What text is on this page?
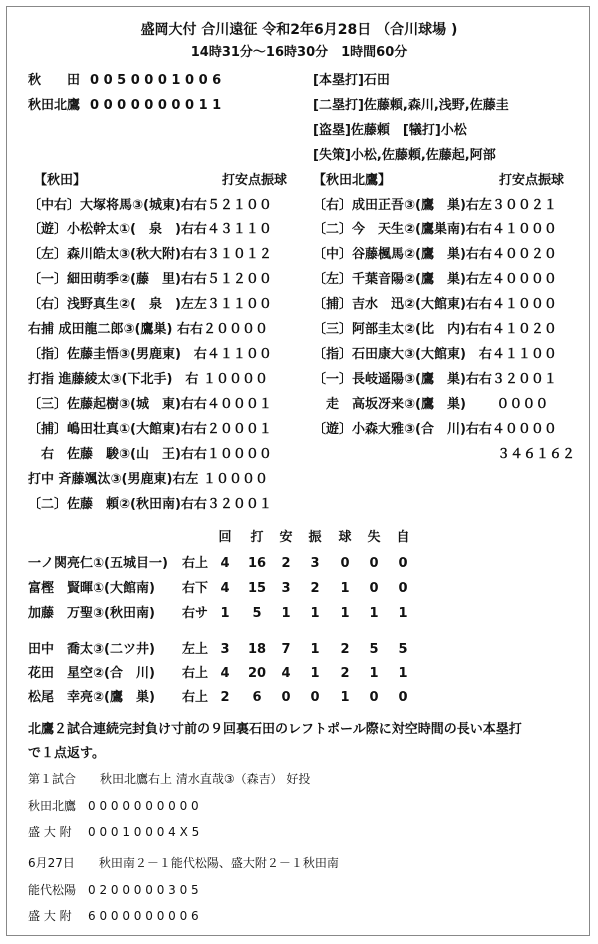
盛岡大付 合川遠征 令和2年6月28日 （合川球場 )
14時31分～16時30分　1時間60分
秋　　田 0 0 5 0 0 0 1 0 0 6
秋田北鷹 0 0 0 0 0 0 0 0 1 1
[本塁打]石田
[二塁打]佐藤頼,森川,浅野,佐藤圭
[盗塁]佐藤頼　[犠打]小松
[失策]小松,佐藤頼,佐藤起,阿部
【秋田】	打安点振球 【秋田北鷹】	打安点振球
〔中右〕大塚将馬③(城東)右右５２１００
〔遊〕小松幹太①(　泉　)右右４３１１０
〔左〕森川皓太③(秋大附)右右３１０１２
〔一〕細田萌季②(藤　里)右右５１２００
〔右〕浅野真生②(　泉　)左左３１１００
右捕 成田龍二郎③(鷹巣) 右右２００００
〔指〕佐藤圭悟③(男鹿東)　右４１１００
打指 進藤綾太③(下北手)　右 １００００
〔三〕佐藤起樹③(城　東)右右４０００１
〔捕〕嶋田壮真①(大館東)右右２０００１
　右　佐藤　駿③(山　王)右右１００００
打中 斉藤颯汰③(男鹿東)右左 １００００
〔二〕佐藤　頼②(秋田南)右右３２００１
〔右〕成田正吾③(鷹　巣)右左３００２１
〔二〕今　天生②(鷹巣南)右右４１０００
〔中〕谷藤楓馬②(鷹　巣)右右４００２０
〔左〕千葉音陽②(鷹　巣)右左４００００
〔捕〕吉水　迅②(大館東)右右４１０００
〔三〕阿部圭太②(比　内)右右４１０２０
〔指〕石田康大③(大館東)　右４１１００
〔一〕長岐遥陽③(鷹　巣)右右３２００１
　走　高坂冴来③(鷹　巣)　　 ００００
〔遊〕小森大雅③(合　川)右右４００００
３４６１６２
回	打	安	振	球	失	自
一ノ関亮仁①(五城目一) 右上 4	16	2	3	0	0	0
富樫　賢暉①(大館南) 右下 4	15	3	2	1	0	0
加藤　万聖③(秋田南) 右サ 1	5	1	1	1	1	1
田中　喬太③(二ツ井) 左上 3	18	7	1	2	5	5
花田　星空②(合　川) 右上 4	20	4	1	2	1	1
松尾　幸亮②(鷹　巣) 右上 2	6	0	0	1	0	0
北鷹２試合連続完封負け寸前の９回裏石田のレフトポール際に対空時間の長い本塁打
で１点返す。
第１試合　　秋田北鷹右上 清水直哉③（森吉） 好投
秋田北鷹 0 0 0 0 0 0 0 0 0 0
盛 大 附 0 0 0 1 0 0 0 4 X 5
6月27日　　秋田南２－１能代松陽、盛大附２－１秋田南
能代松陽 0 2 0 0 0 0 0 3 0 5
盛 大 附 6 0 0 0 0 0 0 0 0 6
